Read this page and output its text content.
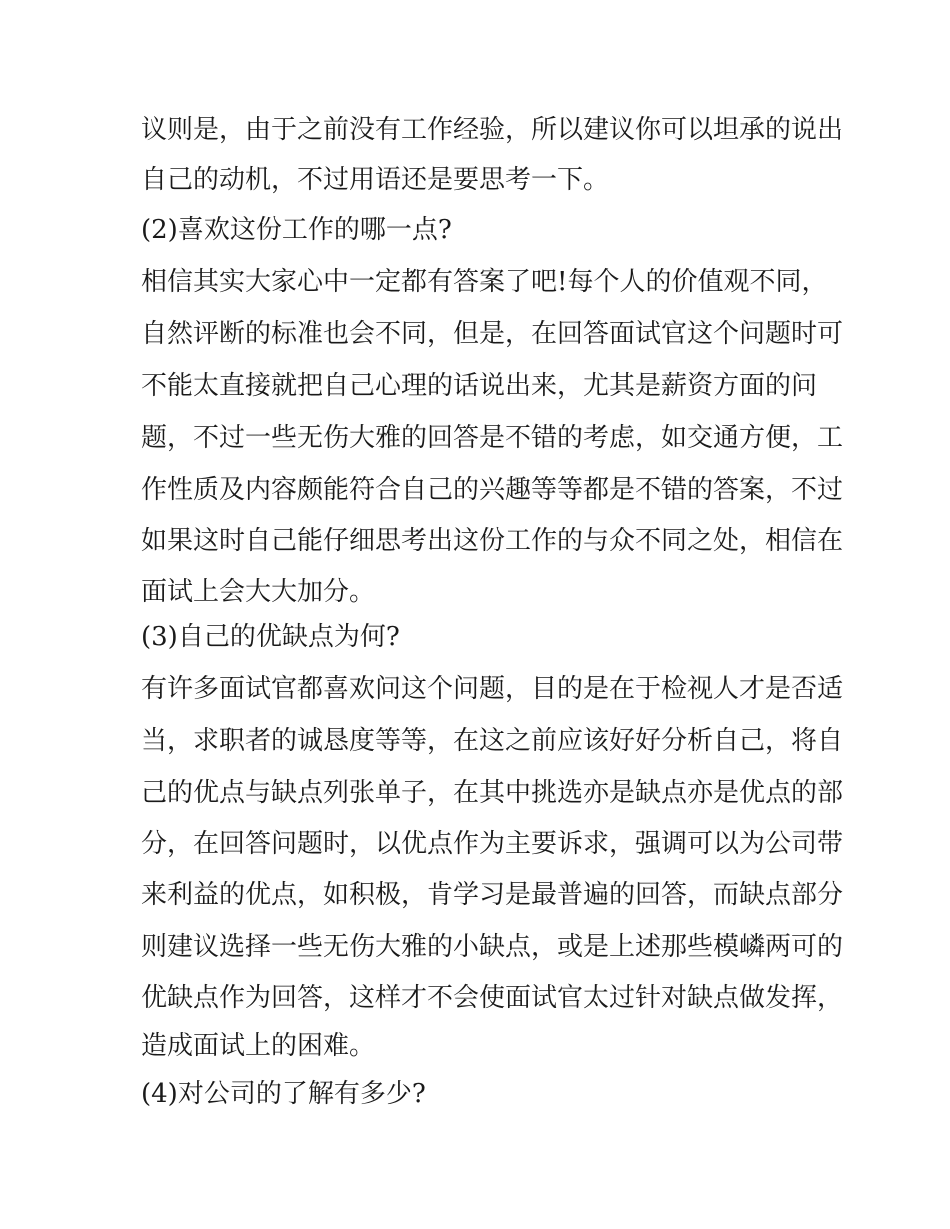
议则是，由于之前没有工作经验，所以建议你可以坦承的说出
自己的动机，不过用语还是要思考一下。
(2)喜欢这份工作的哪一点?
相信其实大家心中一定都有答案了吧!每个人的价值观不同，
自然评断的标准也会不同，但是，在回答面试官这个问题时可
不能太直接就把自己心理的话说出来，尤其是薪资方面的问
题，不过一些无伤大雅的回答是不错的考虑，如交通方便，工
作性质及内容颇能符合自己的兴趣等等都是不错的答案，不过
如果这时自己能仔细思考出这份工作的与众不同之处，相信在
面试上会大大加分。
(3)自己的优缺点为何?
有许多面试官都喜欢问这个问题，目的是在于检视人才是否适
当，求职者的诚恳度等等，在这之前应该好好分析自己，将自
己的优点与缺点列张单子，在其中挑选亦是缺点亦是优点的部
分，在回答问题时，以优点作为主要诉求，强调可以为公司带
来利益的优点，如积极，肯学习是最普遍的回答，而缺点部分
则建议选择一些无伤大雅的小缺点，或是上述那些模嶙两可的
优缺点作为回答，这样才不会使面试官太过针对缺点做发挥，
造成面试上的困难。
(4)对公司的了解有多少?
